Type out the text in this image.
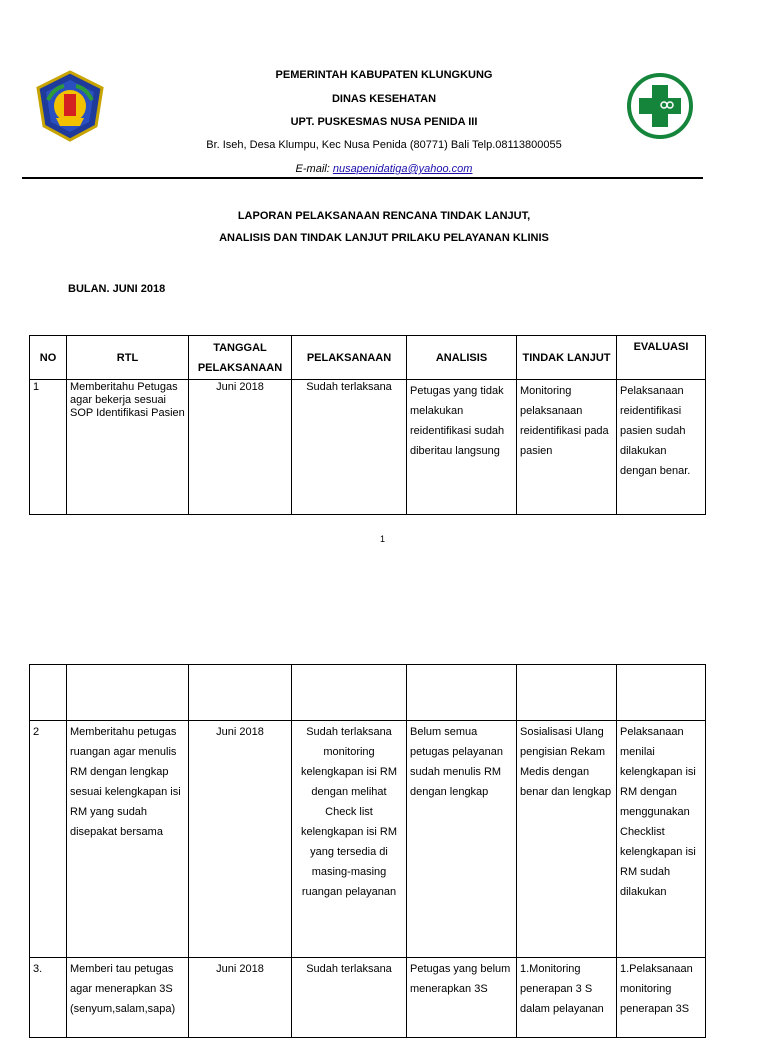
PEMERINTAH KABUPATEN KLUNGKUNG
DINAS KESEHATAN
UPT. PUSKESMAS NUSA PENIDA III
Br. Iseh, Desa Klumpu, Kec Nusa Penida (80771) Bali Telp.08113800055
E-mail: nusapenidatiga@yahoo.com
LAPORAN PELAKSANAAN RENCANA TINDAK LANJUT,
ANALISIS DAN TINDAK LANJUT PRILAKU PELAYANAN KLINIS
BULAN. JUNI 2018
NO	RTL	TANGGAL PELAKSANAAN	PELAKSANAAN	ANALISIS	TINDAK LANJUT	EVALUASI
1	Memberitahu Petugas agar bekerja sesuai SOP Identifikasi Pasien	Juni 2018	Sudah terlaksana	Petugas yang tidak melakukan reidentifikasi sudah diberitau langsung	Monitoring pelaksanaan reidentifikasi pada pasien	Pelaksanaan reidentifikasi pasien sudah dilakukan dengan benar.
1

2	Memberitahu petugas ruangan agar menulis RM dengan lengkap sesuai kelengkapan isi RM yang sudah disepakat bersama	Juni 2018	Sudah terlaksana monitoring kelengkapan isi RM dengan melihat Check list kelengkapan isi RM yang tersedia di masing-masing ruangan pelayanan	Belum semua petugas pelayanan sudah menulis RM dengan lengkap	Sosialisasi Ulang pengisian Rekam Medis dengan benar dan lengkap	Pelaksanaan menilai kelengkapan isi RM dengan menggunakan Checklist kelengkapan isi RM sudah dilakukan
3.	Memberi tau petugas agar menerapkan 3S (senyum,salam,sapa)	Juni 2018	Sudah terlaksana	Petugas yang belum menerapkan 3S	1.Monitoring penerapan 3 S dalam pelayanan	1.Pelaksanaan monitoring penerapan 3S
